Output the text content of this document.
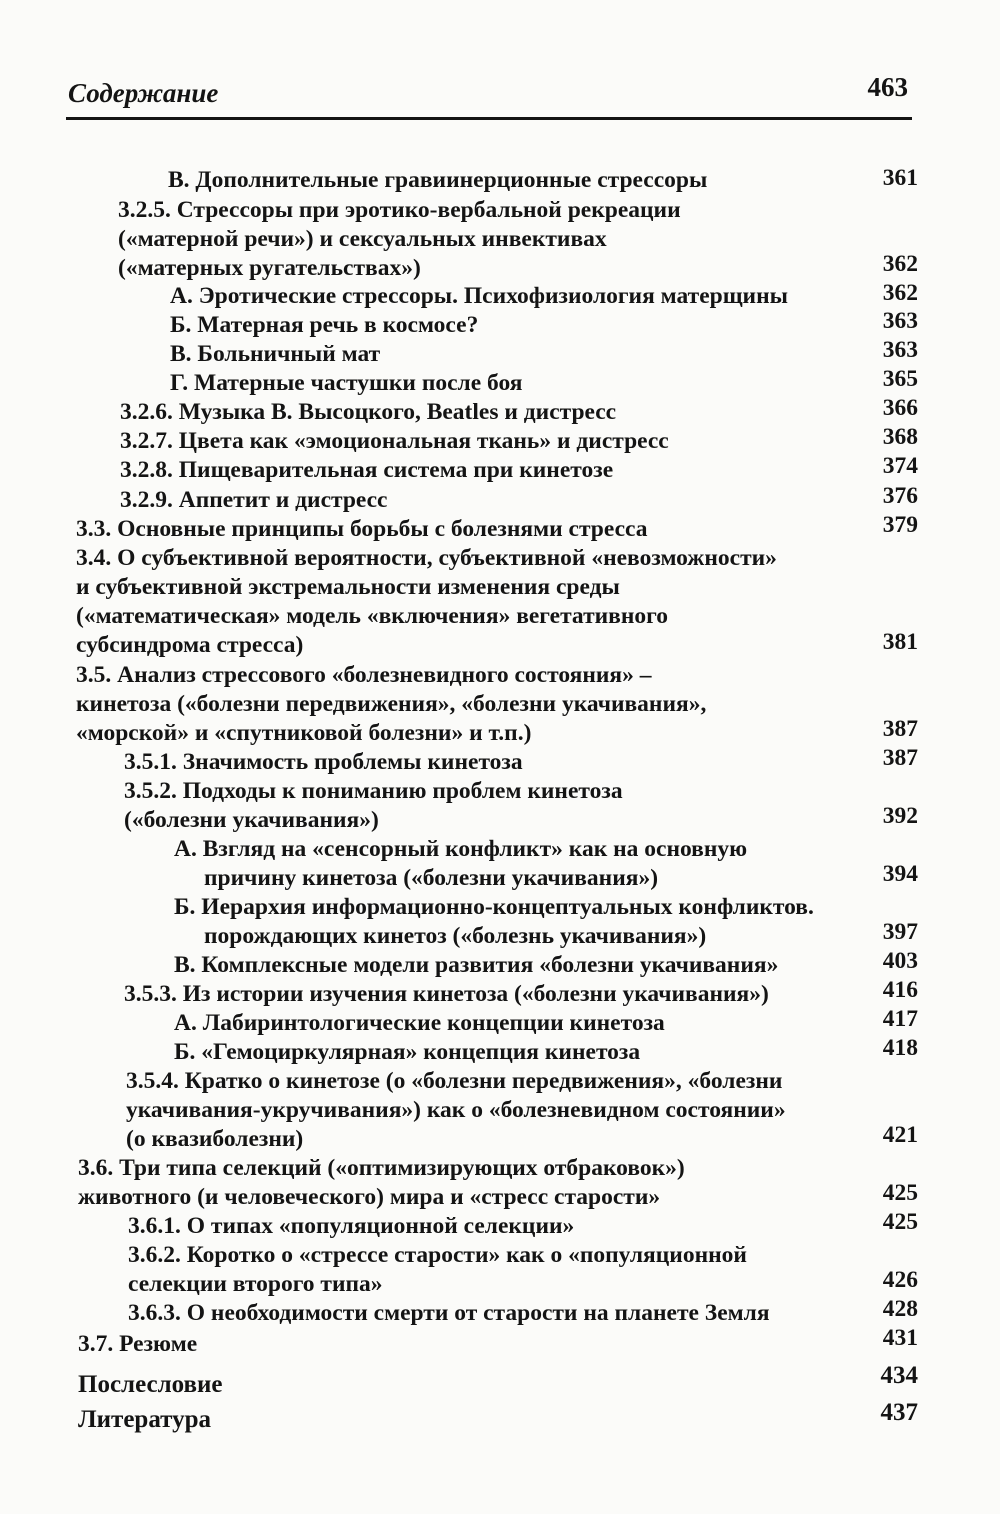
Содержание	463
В. Дополнительные гравиинерционные стрессоры	361
3.2.5. Стрессоры при эротико-вербальной рекреации
(«матерной речи») и сексуальных инвективах
(«матерных ругательствах»)	362
А. Эротические стрессоры. Психофизиология матерщины	362
Б. Матерная речь в космосе?	363
В. Больничный мат	363
Г. Матерные частушки после боя	365
3.2.6. Музыка В. Высоцкого, Beatles и дистресс	366
3.2.7. Цвета как «эмоциональная ткань» и дистресс	368
3.2.8. Пищеварительная система при кинетозе	374
3.2.9. Аппетит и дистресс	376
3.3. Основные принципы борьбы с болезнями стресса	379
3.4. О субъективной вероятности, субъективной «невозможности»
и субъективной экстремальности изменения среды
(«математическая» модель «включения» вегетативного
субсиндрома стресса)	381
3.5. Анализ стрессового «болезневидного состояния» –
кинетоза («болезни передвижения», «болезни укачивания»,
«морской» и «спутниковой болезни» и т.п.)	387
3.5.1. Значимость проблемы кинетоза	387
3.5.2. Подходы к пониманию проблем кинетоза
(«болезни укачивания»)	392
А. Взгляд на «сенсорный конфликт» как на основную
причину кинетоза («болезни укачивания»)	394
Б. Иерархия информационно-концептуальных конфликтов.
порождающих кинетоз («болезнь укачивания»)	397
В. Комплексные модели развития «болезни укачивания»	403
3.5.3. Из истории изучения кинетоза («болезни укачивания»)	416
А. Лабиринтологические концепции кинетоза	417
Б. «Гемоциркулярная» концепция кинетоза	418
3.5.4. Кратко о кинетозе (о «болезни передвижения», «болезни
укачивания-укручивания») как о «болезневидном состоянии»
(о квазиболезни)	421
3.6. Три типа селекций («оптимизирующих отбраковок»)
животного (и человеческого) мира и «стресс старости»	425
3.6.1. О типах «популяционной селекции»	425
3.6.2. Коротко о «стрессе старости» как о «популяционной
селекции второго типа»	426
3.6.3. О необходимости смерти от старости на планете Земля	428
3.7. Резюме	431
Послесловие	434
Литература	437
